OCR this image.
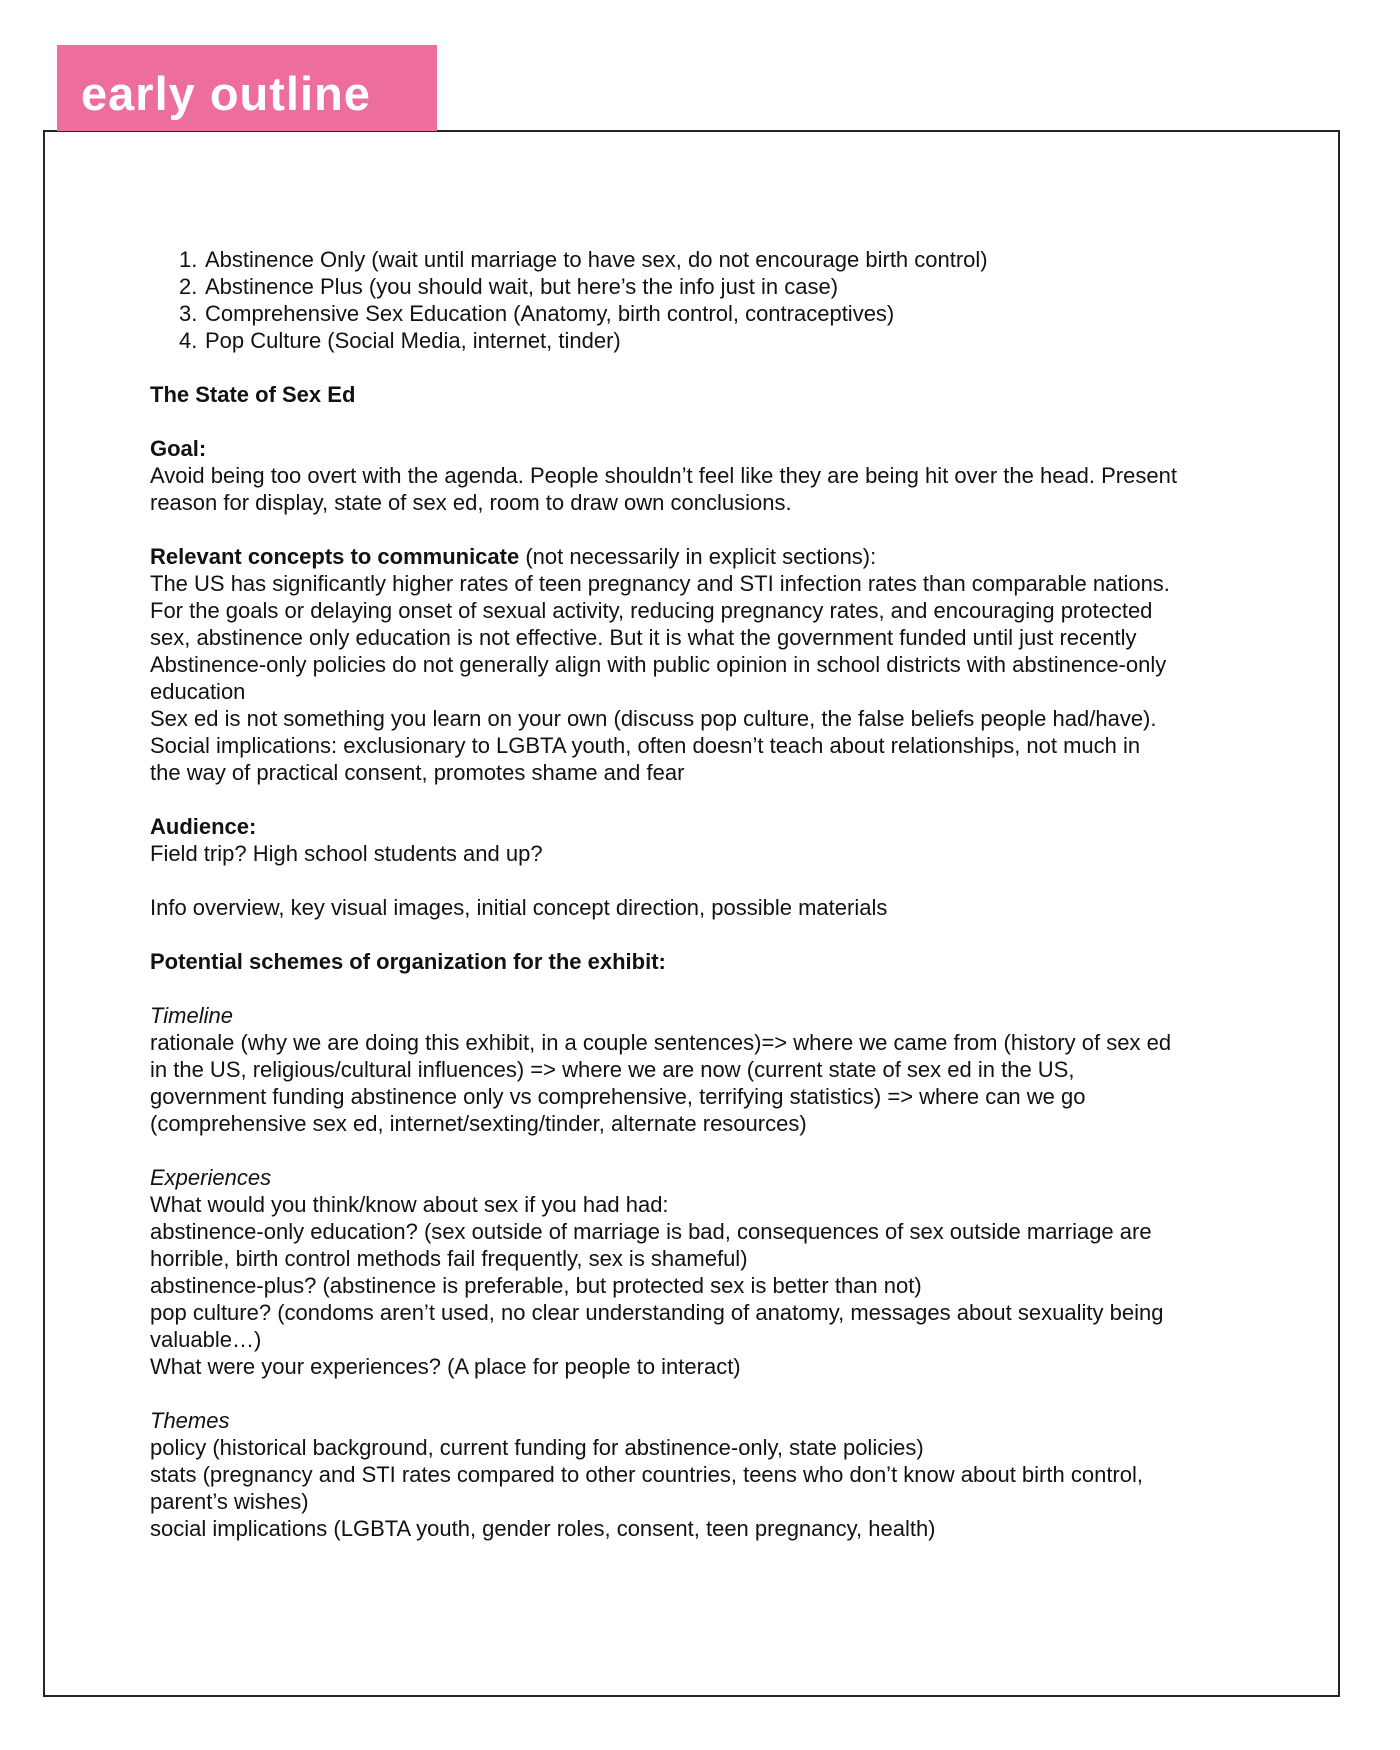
early outline
1. Abstinence Only (wait until marriage to have sex, do not encourage birth control)
2. Abstinence Plus (you should wait, but here’s the info just in case)
3. Comprehensive Sex Education (Anatomy, birth control, contraceptives)
4. Pop Culture (Social Media, internet, tinder)
The State of Sex Ed
Goal:
Avoid being too overt with the agenda. People shouldn’t feel like they are being hit over the head. Present
reason for display, state of sex ed, room to draw own conclusions.
Relevant concepts to communicate (not necessarily in explicit sections):
The US has significantly higher rates of teen pregnancy and STI infection rates than comparable nations.
For the goals or delaying onset of sexual activity, reducing pregnancy rates, and encouraging protected
sex, abstinence only education is not effective. But it is what the government funded until just recently
Abstinence-only policies do not generally align with public opinion in school districts with abstinence-only
education
Sex ed is not something you learn on your own (discuss pop culture, the false beliefs people had/have).
Social implications: exclusionary to LGBTA youth, often doesn’t teach about relationships, not much in
the way of practical consent, promotes shame and fear
Audience:
Field trip? High school students and up?
Info overview, key visual images, initial concept direction, possible materials
Potential schemes of organization for the exhibit:
Timeline
rationale (why we are doing this exhibit, in a couple sentences)=> where we came from (history of sex ed
in the US, religious/cultural influences) => where we are now (current state of sex ed in the US,
government funding abstinence only vs comprehensive, terrifying statistics) => where can we go
(comprehensive sex ed, internet/sexting/tinder, alternate resources)
Experiences
What would you think/know about sex if you had had:
abstinence-only education? (sex outside of marriage is bad, consequences of sex outside marriage are
horrible, birth control methods fail frequently, sex is shameful)
abstinence-plus? (abstinence is preferable, but protected sex is better than not)
pop culture? (condoms aren’t used, no clear understanding of anatomy, messages about sexuality being
valuable…)
What were your experiences? (A place for people to interact)
Themes
policy (historical background, current funding for abstinence-only, state policies)
stats (pregnancy and STI rates compared to other countries, teens who don’t know about birth control,
parent’s wishes)
social implications (LGBTA youth, gender roles, consent, teen pregnancy, health)
